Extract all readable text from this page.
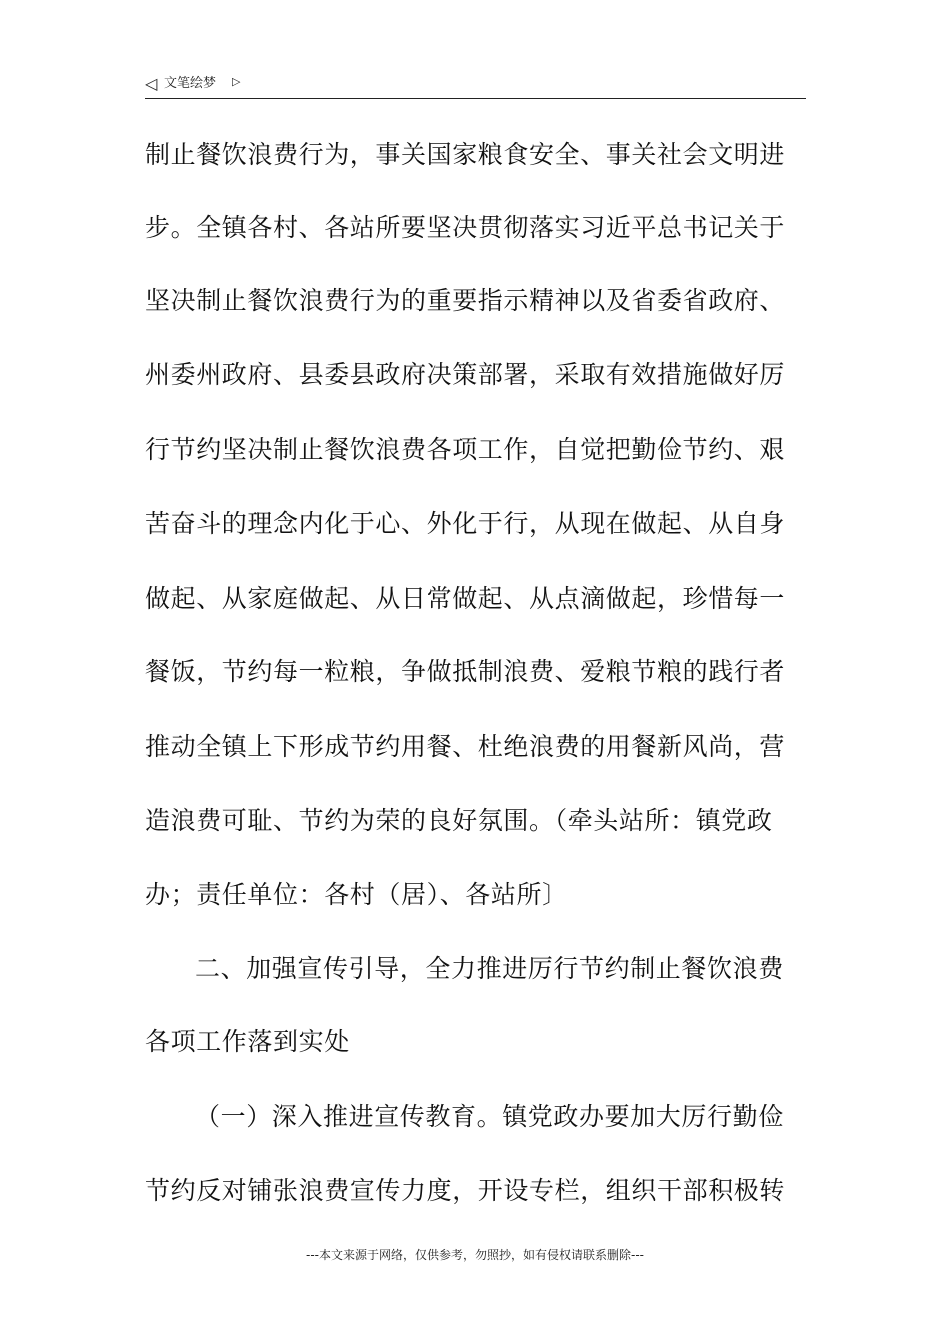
◁ 文笔绘梦 ▷
制止餐饮浪费行为，事关国家粮食安全、事关社会文明进
步。全镇各村、各站所要坚决贯彻落实习近平总书记关于
坚决制止餐饮浪费行为的重要指示精神以及省委省政府、
州委州政府、县委县政府决策部署，采取有效措施做好厉
行节约坚决制止餐饮浪费各项工作，自觉把勤俭节约、艰
苦奋斗的理念内化于心、外化于行，从现在做起、从自身
做起、从家庭做起、从日常做起、从点滴做起，珍惜每一
餐饭，节约每一粒粮，争做抵制浪费、爱粮节粮的践行者
推动全镇上下形成节约用餐、杜绝浪费的用餐新风尚，营
造浪费可耻、节约为荣的良好氛围。（牵头站所：镇党政
办；责任单位：各村（居）、各站所〕
二、加强宣传引导，全力推进厉行节约制止餐饮浪费
各项工作落到实处
（一）深入推进宣传教育。镇党政办要加大厉行勤俭
节约反对铺张浪费宣传力度，开设专栏，组织干部积极转
---本文来源于网络，仅供参考，勿照抄，如有侵权请联系删除---
